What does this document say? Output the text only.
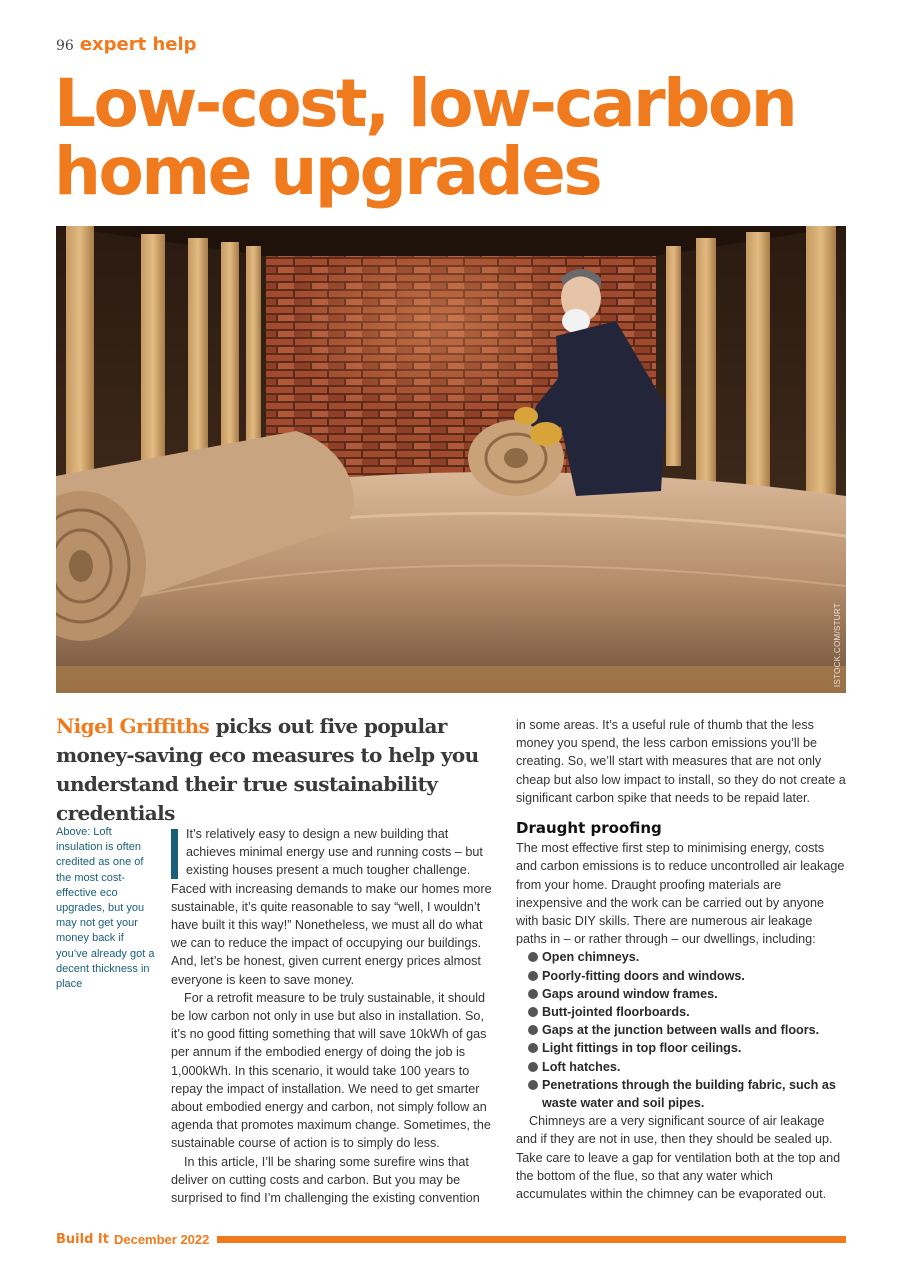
96 expert help
Low-cost, low-carbon
home upgrades
ISTOCK.COM/STURT
Nigel Griffiths picks out five popular money-saving eco measures to help you understand their true sustainability credentials
Above: Loft insulation is often credited as one of the most cost-effective eco upgrades, but you may not get your money back if you’ve already got a decent thickness in place

It’s relatively easy to design a new building that achieves minimal energy use and running costs – but existing houses present a much tougher challenge. Faced with increasing demands to make our homes more sustainable, it’s quite reasonable to say “well, I wouldn’t have built it this way!” Nonetheless, we must all do what we can to reduce the impact of occupying our buildings. And, let’s be honest, given current energy prices almost everyone is keen to save money.

For a retrofit measure to be truly sustainable, it should be low carbon not only in use but also in installation. So, it’s no good fitting something that will save 10kWh of gas per annum if the embodied energy of doing the job is 1,000kWh. In this scenario, it would take 100 years to repay the impact of installation. We need to get smarter about embodied energy and carbon, not simply follow an agenda that promotes maximum change. Sometimes, the sustainable course of action is to simply do less.

In this article, I’ll be sharing some surefire wins that deliver on cutting costs and carbon. But you may be surprised to find I’m challenging the existing convention

in some areas. It’s a useful rule of thumb that the less money you spend, the less carbon emissions you’ll be creating. So, we’ll start with measures that are not only cheap but also low impact to install, so they do not create a significant carbon spike that needs to be repaid later.

Draught proofing

The most effective first step to minimising energy, costs and carbon emissions is to reduce uncontrolled air leakage from your home. Draught proofing materials are inexpensive and the work can be carried out by anyone with basic DIY skills. There are numerous air leakage paths in – or rather through – our dwellings, including:

Open chimneys.
Poorly-fitting doors and windows.
Gaps around window frames.
Butt-jointed floorboards.
Gaps at the junction between walls and floors.
Light fittings in top floor ceilings.
Loft hatches.
Penetrations through the building fabric, such as waste water and soil pipes.

Chimneys are a very significant source of air leakage and if they are not in use, then they should be sealed up. Take care to leave a gap for ventilation both at the top and the bottom of the flue, so that any water which accumulates within the chimney can be evaporated out.

Build It December 2022
